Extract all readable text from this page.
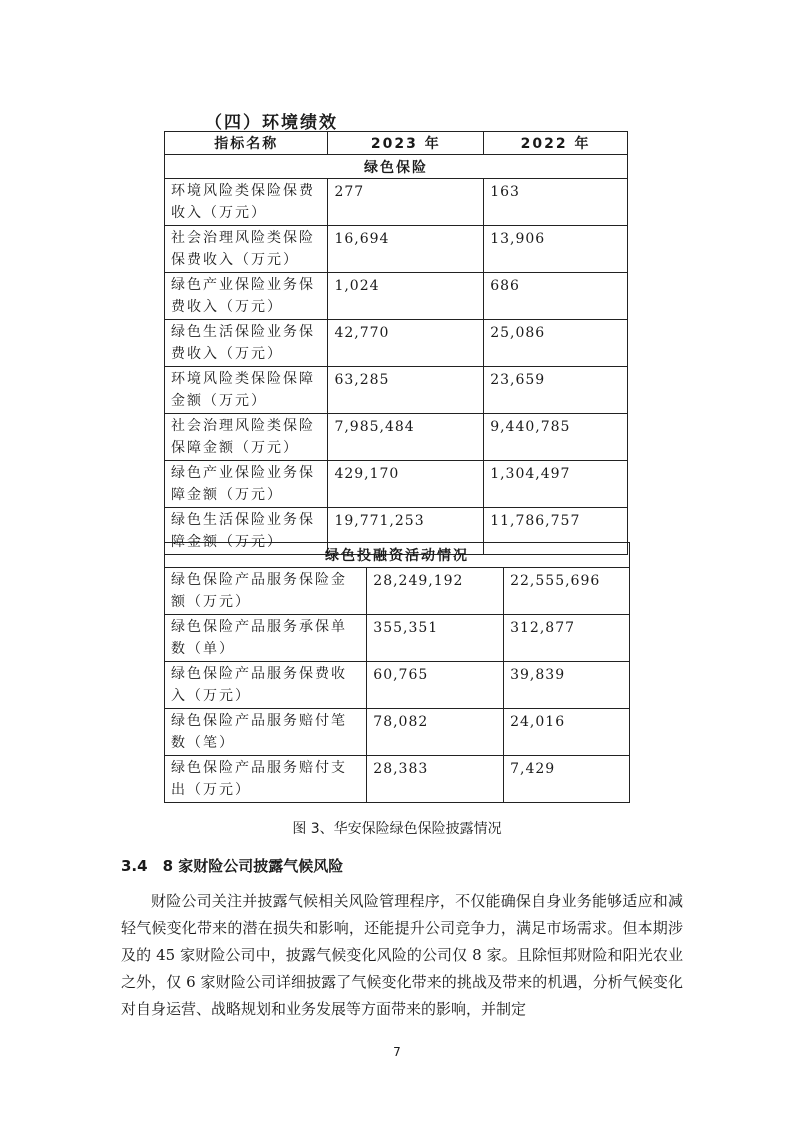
（四）环境绩效
指标名称	2023 年	2022 年
绿色保险		
环境风险类保险保费收入（万元）	277	163
社会治理风险类保险保费收入（万元）	16,694	13,906
绿色产业保险业务保费收入（万元）	1,024	686
绿色生活保险业务保费收入（万元）	42,770	25,086
环境风险类保险保障金额（万元）	63,285	23,659
社会治理风险类保险保障金额（万元）	7,985,484	9,440,785
绿色产业保险业务保障金额（万元）	429,170	1,304,497
绿色生活保险业务保障金额（万元）	19,771,253	11,786,757
绿色投融资活动情况		
绿色保险产品服务保险金额（万元）	28,249,192	22,555,696
绿色保险产品服务承保单数（单）	355,351	312,877
绿色保险产品服务保费收入（万元）	60,765	39,839
绿色保险产品服务赔付笔数（笔）	78,082	24,016
绿色保险产品服务赔付支出（万元）	28,383	7,429

图 3、华安保险绿色保险披露情况

3.4　8 家财险公司披露气候风险

财险公司关注并披露气候相关风险管理程序，不仅能确保自身业务能够适应和减轻气候变化带来的潜在损失和影响，还能提升公司竞争力，满足市场需求。但本期涉及的 45 家财险公司中，披露气候变化风险的公司仅 8 家。且除恒邦财险和阳光农业之外，仅 6 家财险公司详细披露了气候变化带来的挑战及带来的机遇，分析气候变化对自身运营、战略规划和业务发展等方面带来的影响，并制定

7
